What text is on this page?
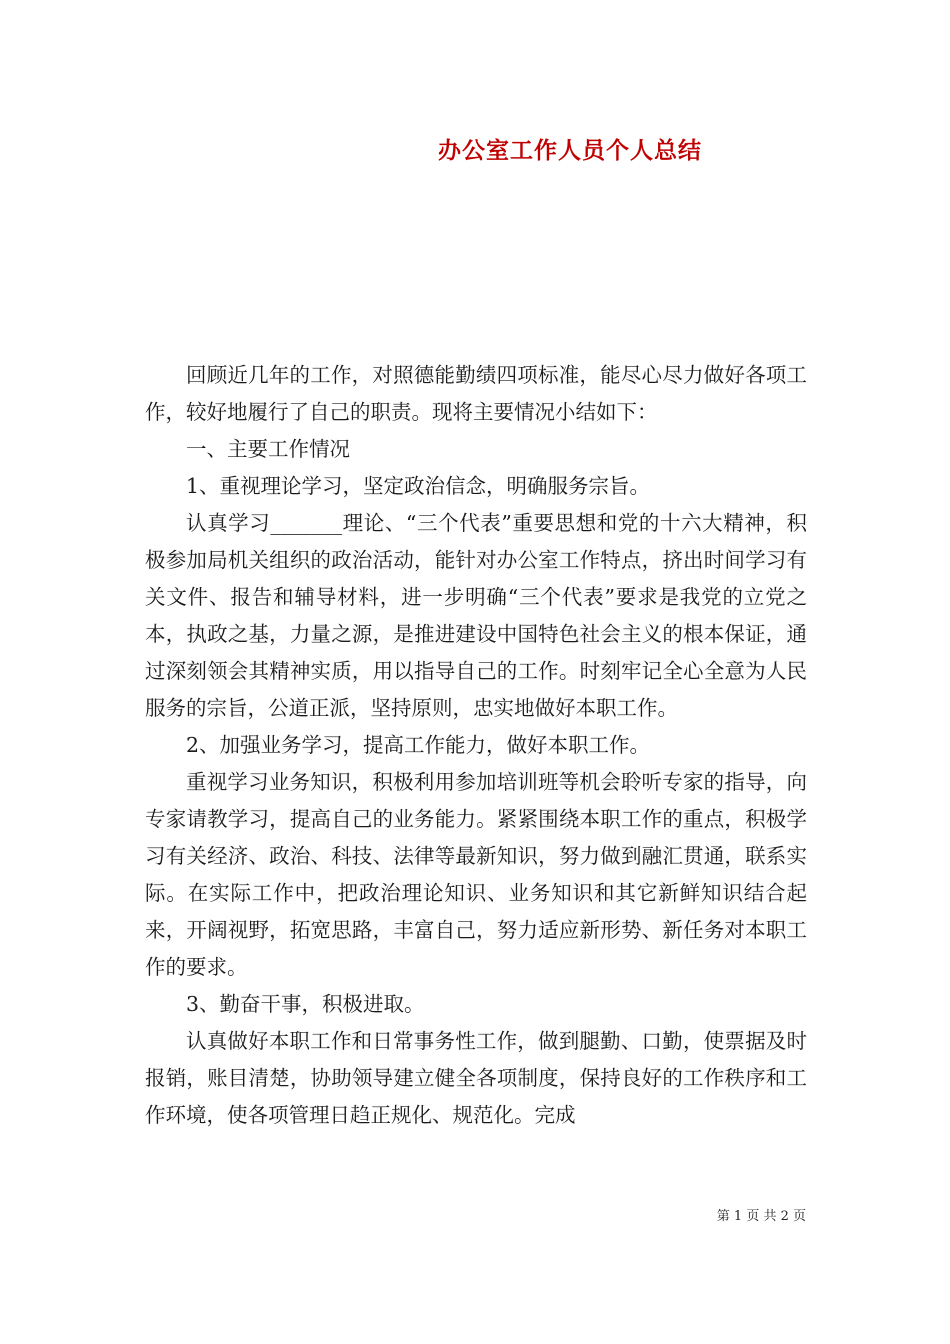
办公室工作人员个人总结

回顾近几年的工作，对照德能勤绩四项标准，能尽心尽力做好各项工作，较好地履行了自己的职责。现将主要情况小结如下：

一、主要工作情况

1、重视理论学习，坚定政治信念，明确服务宗旨。

认真学习_______理论、“三个代表”重要思想和党的十六大精神，积极参加局机关组织的政治活动，能针对办公室工作特点，挤出时间学习有关文件、报告和辅导材料，进一步明确“三个代表”要求是我党的立党之本，执政之基，力量之源，是推进建设中国特色社会主义的根本保证，通过深刻领会其精神实质，用以指导自己的工作。时刻牢记全心全意为人民服务的宗旨，公道正派，坚持原则，忠实地做好本职工作。

2、加强业务学习，提高工作能力，做好本职工作。

重视学习业务知识，积极利用参加培训班等机会聆听专家的指导，向专家请教学习，提高自己的业务能力。紧紧围绕本职工作的重点，积极学习有关经济、政治、科技、法律等最新知识，努力做到融汇贯通，联系实际。在实际工作中，把政治理论知识、业务知识和其它新鲜知识结合起来，开阔视野，拓宽思路，丰富自己，努力适应新形势、新任务对本职工作的要求。

3、勤奋干事，积极进取。

认真做好本职工作和日常事务性工作，做到腿勤、口勤，使票据及时报销，账目清楚，协助领导建立健全各项制度，保持良好的工作秩序和工作环境，使各项管理日趋正规化、规范化。完成

第 1 页 共 2 页
